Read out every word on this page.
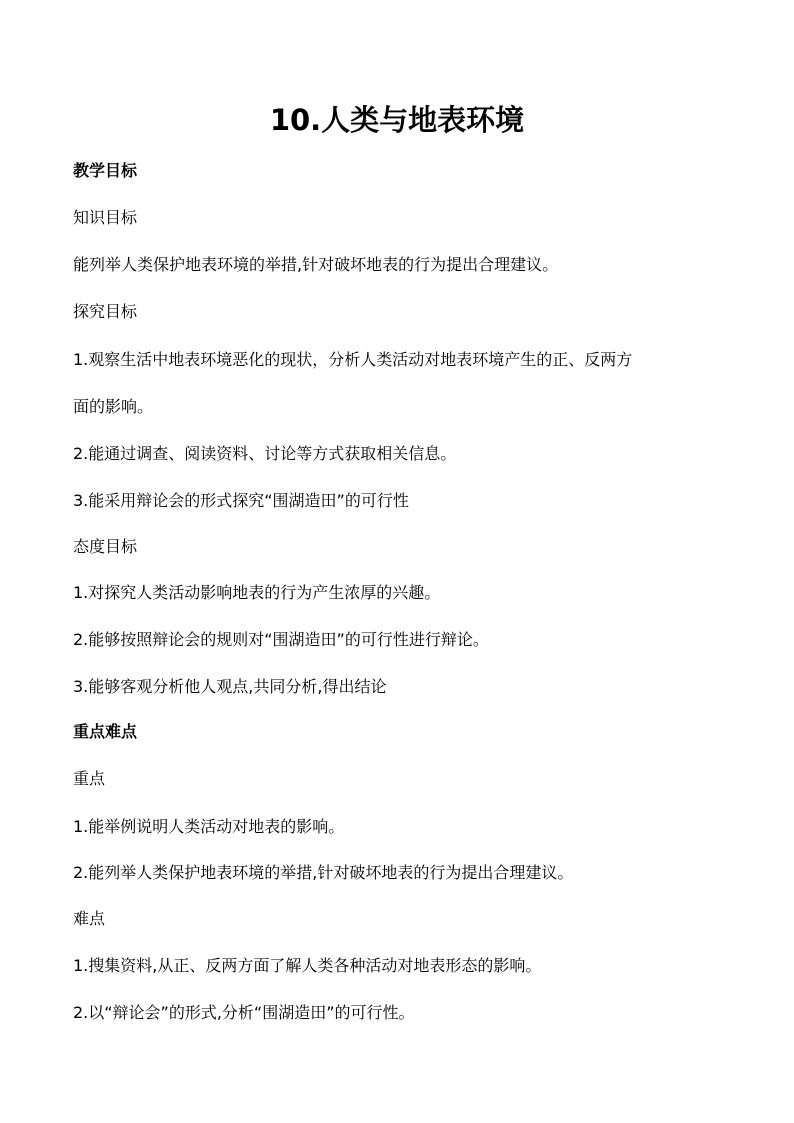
10.人类与地表环境
教学目标
知识目标
能列举人类保护地表环境的举措,针对破坏地表的行为提出合理建议。
探究目标
1.观察生活中地表环境恶化的现状，分析人类活动对地表环境产生的正、反两方
面的影响。
2.能通过调查、阅读资料、讨论等方式获取相关信息。
3.能采用辩论会的形式探究“围湖造田”的可行性
态度目标
1.对探究人类活动影响地表的行为产生浓厚的兴趣。
2.能够按照辩论会的规则对“围湖造田”的可行性进行辩论。
3.能够客观分析他人观点,共同分析,得出结论
重点难点
重点
1.能举例说明人类活动对地表的影响。
2.能列举人类保护地表环境的举措,针对破坏地表的行为提出合理建议。
难点
1.搜集资料,从正、反两方面了解人类各种活动对地表形态的影响。
2.以“辩论会”的形式,分析“围湖造田”的可行性。
